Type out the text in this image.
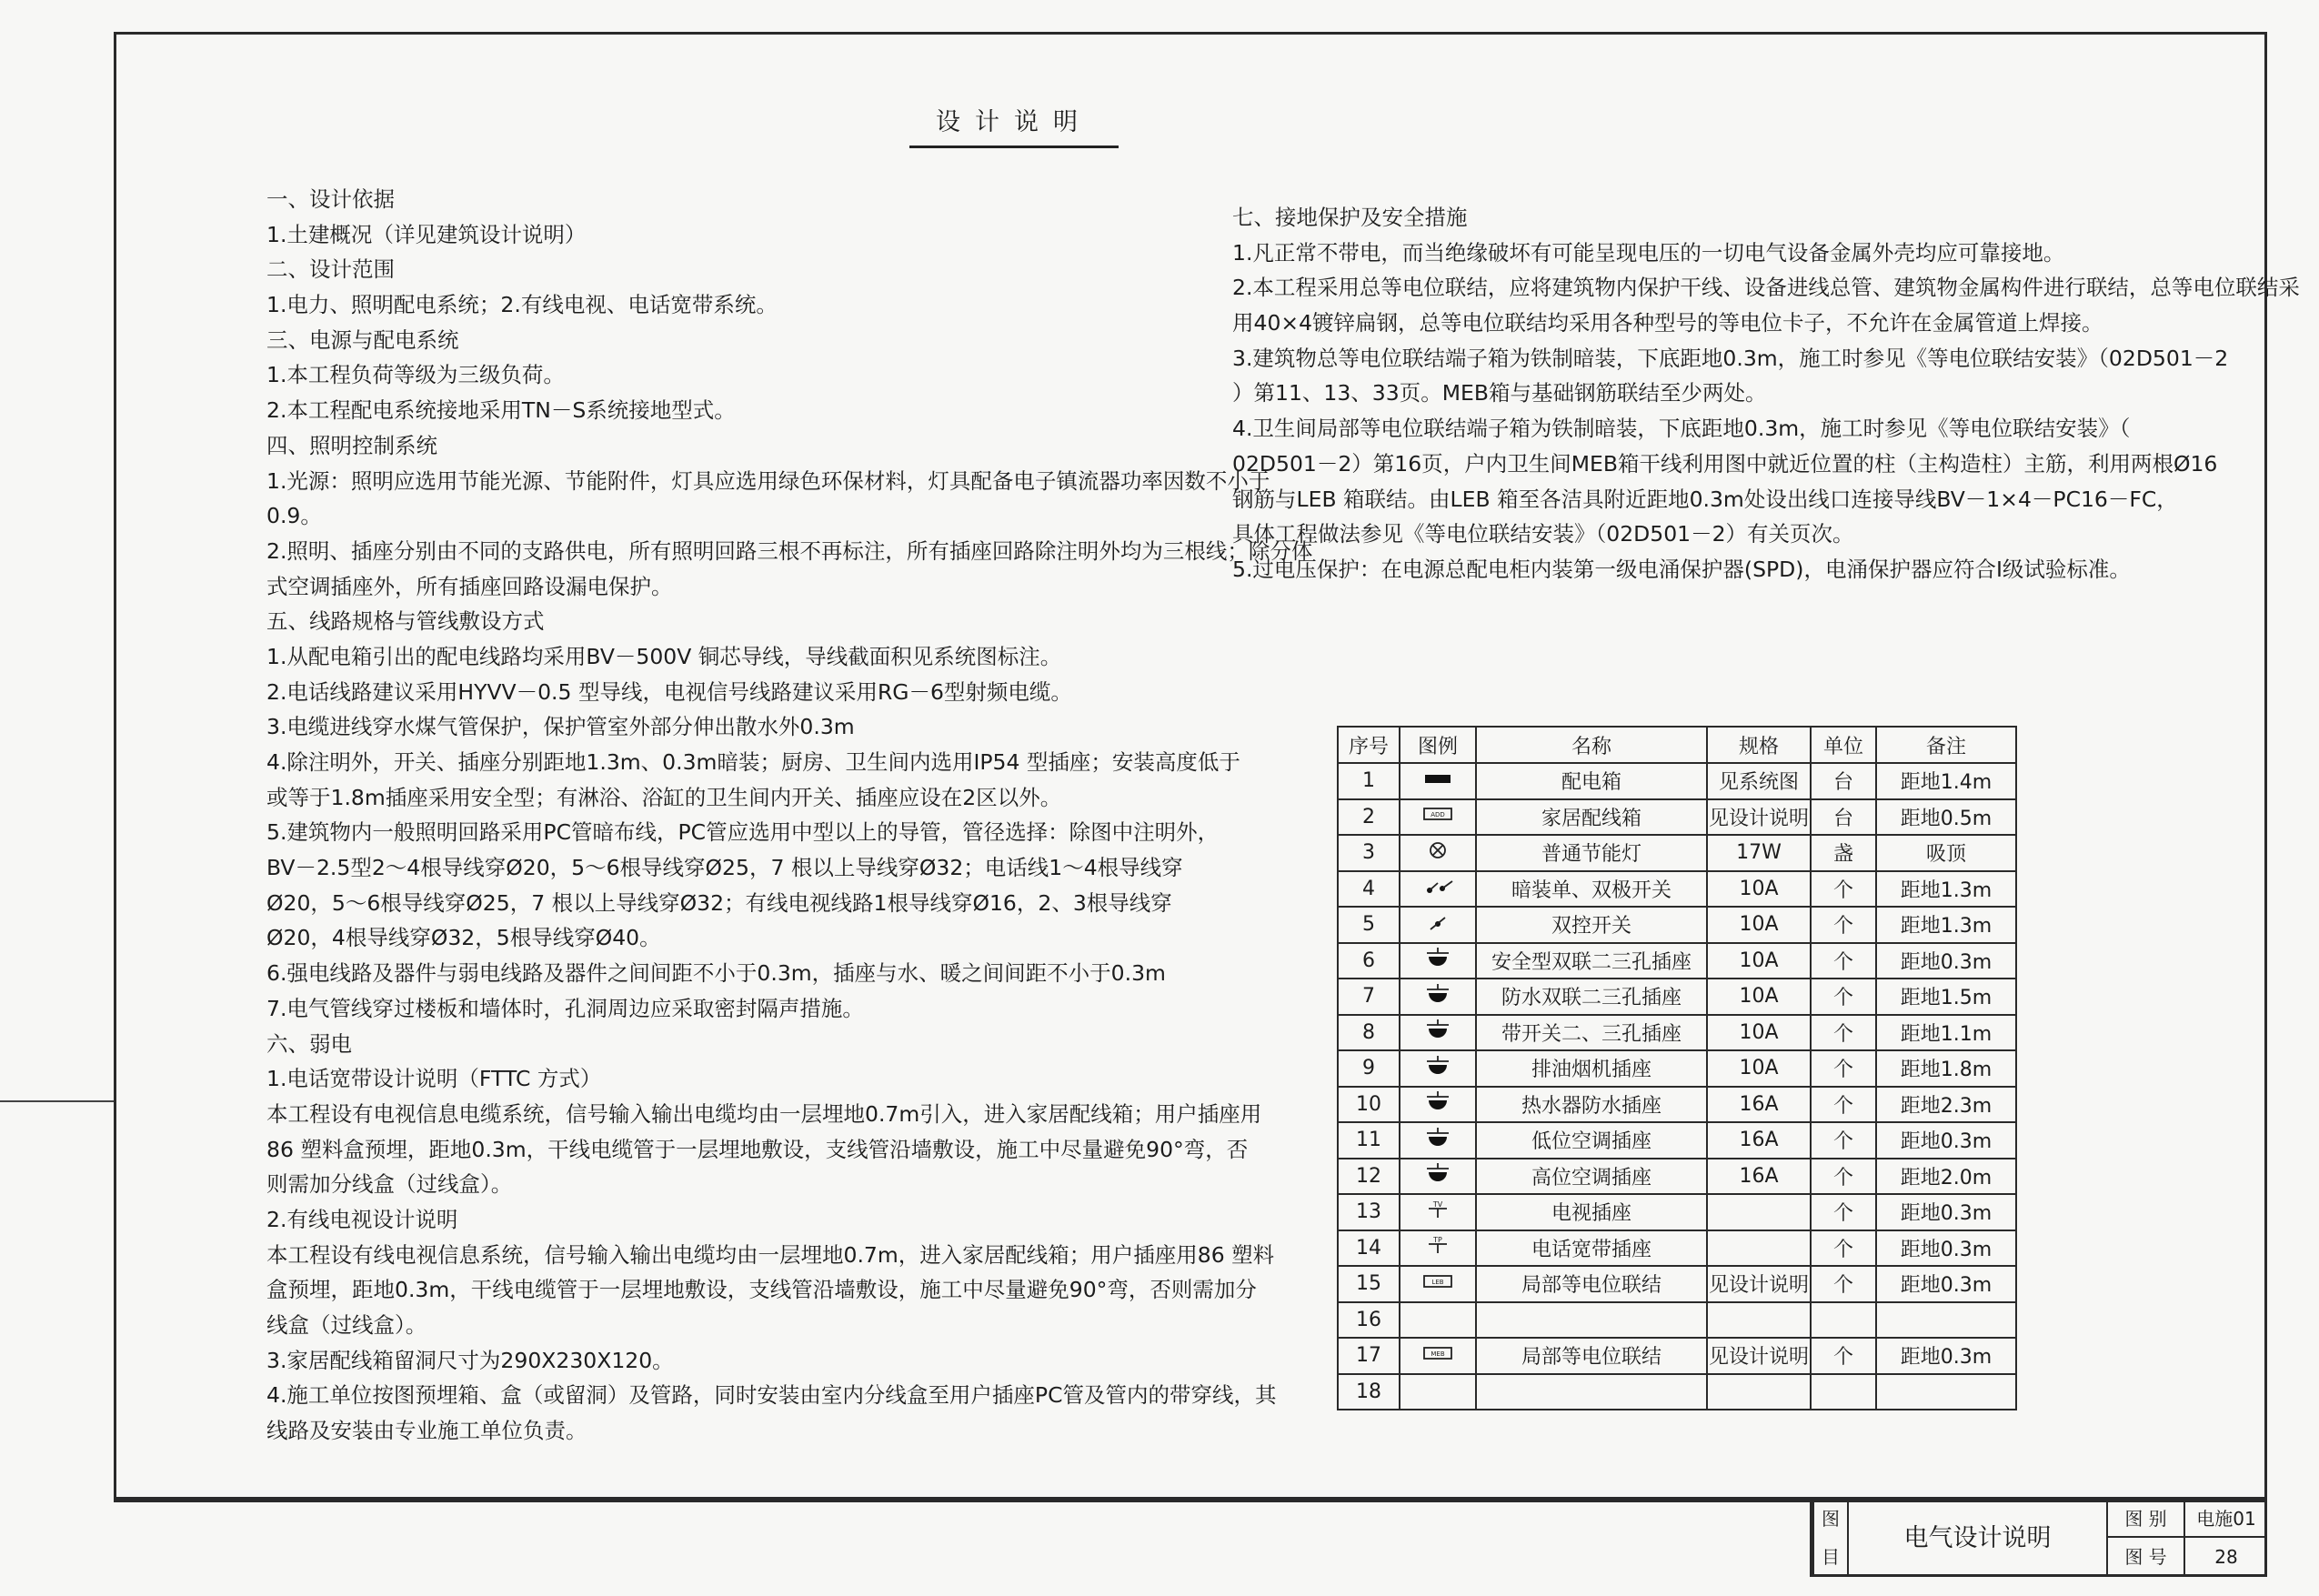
设计说明
一、设计依据
1.土建概况（详见建筑设计说明）
二、设计范围
1.电力、照明配电系统；2.有线电视、电话宽带系统。
三、电源与配电系统
1.本工程负荷等级为三级负荷。
2.本工程配电系统接地采用TN－S系统接地型式。
四、照明控制系统
1.光源：照明应选用节能光源、节能附件，灯具应选用绿色环保材料，灯具配备电子镇流器功率因数不小于
0.9。
2.照明、插座分别由不同的支路供电，所有照明回路三根不再标注，所有插座回路除注明外均为三根线；除分体
式空调插座外，所有插座回路设漏电保护。
五、线路规格与管线敷设方式
1.从配电箱引出的配电线路均采用BV－500V 铜芯导线，导线截面积见系统图标注。
2.电话线路建议采用HYVV－0.5 型导线，电视信号线路建议采用RG－6型射频电缆。
3.电缆进线穿水煤气管保护，保护管室外部分伸出散水外0.3m
4.除注明外，开关、插座分别距地1.3m、0.3m暗装；厨房、卫生间内选用IP54 型插座；安装高度低于
或等于1.8m插座采用安全型；有淋浴、浴缸的卫生间内开关、插座应设在2区以外。
5.建筑物内一般照明回路采用PC管暗布线，PC管应选用中型以上的导管，管径选择：除图中注明外，
BV－2.5型2～4根导线穿Ø20，5～6根导线穿Ø25，7 根以上导线穿Ø32；电话线1～4根导线穿
Ø20，5～6根导线穿Ø25，7 根以上导线穿Ø32；有线电视线路1根导线穿Ø16，2、3根导线穿
Ø20，4根导线穿Ø32，5根导线穿Ø40。
6.强电线路及器件与弱电线路及器件之间间距不小于0.3m，插座与水、暖之间间距不小于0.3m
7.电气管线穿过楼板和墙体时，孔洞周边应采取密封隔声措施。
六、弱电
1.电话宽带设计说明（FTTC 方式）
本工程设有电视信息电缆系统，信号输入输出电缆均由一层埋地0.7m引入，进入家居配线箱；用户插座用
86 塑料盒预埋，距地0.3m，干线电缆管于一层埋地敷设，支线管沿墙敷设，施工中尽量避免90°弯，否
则需加分线盒（过线盒）。
2.有线电视设计说明
本工程设有线电视信息系统，信号输入输出电缆均由一层埋地0.7m，进入家居配线箱；用户插座用86 塑料
盒预埋，距地0.3m，干线电缆管于一层埋地敷设，支线管沿墙敷设，施工中尽量避免90°弯，否则需加分
线盒（过线盒）。
3.家居配线箱留洞尺寸为290X230X120。
4.施工单位按图预埋箱、盒（或留洞）及管路，同时安装由室内分线盒至用户插座PC管及管内的带穿线，其
线路及安装由专业施工单位负责。
七、接地保护及安全措施
1.凡正常不带电，而当绝缘破坏有可能呈现电压的一切电气设备金属外壳均应可靠接地。
2.本工程采用总等电位联结，应将建筑物内保护干线、设备进线总管、建筑物金属构件进行联结，总等电位联结采
用40×4镀锌扁钢，总等电位联结均采用各种型号的等电位卡子，不允许在金属管道上焊接。
3.建筑物总等电位联结端子箱为铁制暗装，下底距地0.3m，施工时参见《等电位联结安装》（02D501－2
）第11、13、33页。MEB箱与基础钢筋联结至少两处。
4.卫生间局部等电位联结端子箱为铁制暗装，下底距地0.3m，施工时参见《等电位联结安装》（
02D501－2）第16页，户内卫生间MEB箱干线利用图中就近位置的柱（主构造柱）主筋，利用两根Ø16
钢筋与LEB 箱联结。由LEB 箱至各洁具附近距地0.3m处设出线口连接导线BV－1×4－PC16－FC，
具体工程做法参见《等电位联结安装》（02D501－2）有关页次。
5.过电压保护：在电源总配电柜内装第一级电涌保护器(SPD)，电涌保护器应符合Ⅰ级试验标准。
序号	图例	名称	规格	单位	备注
1		配电箱	见系统图	台	距地1.4m
2	ADD	家居配线箱	见设计说明	台	距地0.5m
3		普通节能灯	17W	盏	吸顶
4		暗装单、双极开关	10A	个	距地1.3m
5		双控开关	10A	个	距地1.3m
6		安全型双联二三孔插座	10A	个	距地0.3m
7		防水双联二三孔插座	10A	个	距地1.5m
8		带开关二、三孔插座	10A	个	距地1.1m
9		排油烟机插座	10A	个	距地1.8m
10		热水器防水插座	16A	个	距地2.3m
11		低位空调插座	16A	个	距地0.3m
12		高位空调插座	16A	个	距地2.0m
13	TV	电视插座		个	距地0.3m
14	TP	电话宽带插座		个	距地0.3m
15	LEB	局部等电位联结	见设计说明	个	距地0.3m
16					
17	MEB	局部等电位联结	见设计说明	个	距地0.3m
18					
图
目
电气设计说明
图 别	电施01
图 号	28
